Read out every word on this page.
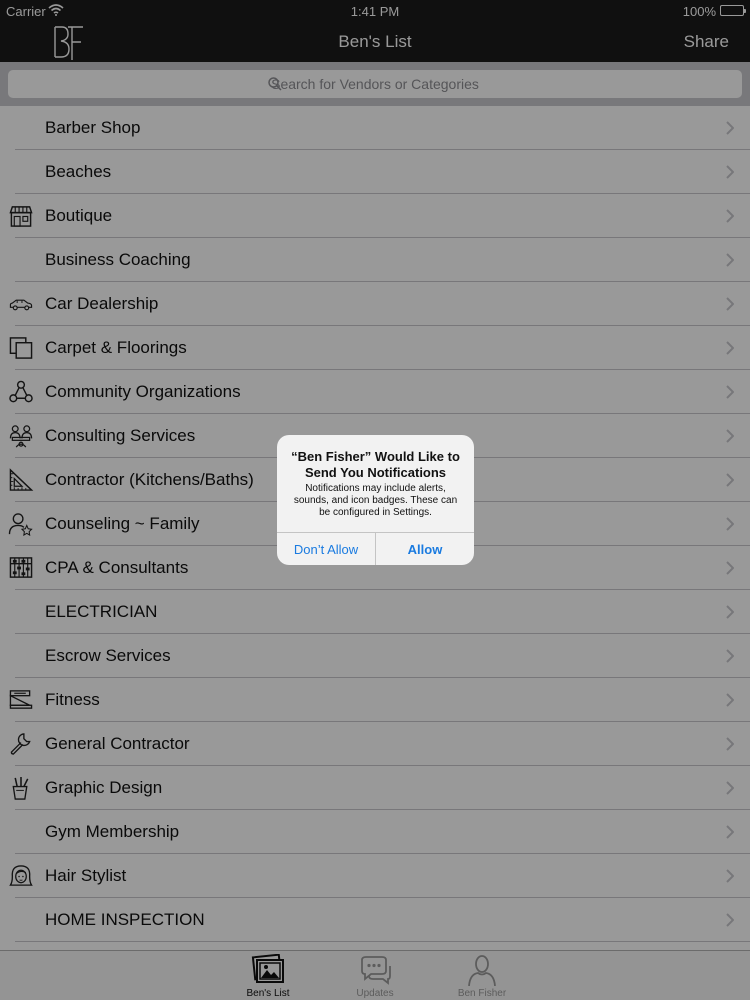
Carrier	1:41 PM	100%
Ben's List	Share
Search for Vendors or Categories
Barber Shop
Beaches
Boutique
Business Coaching
Car Dealership
Carpet & Floorings
Community Organizations
Consulting Services
Contractor (Kitchens/Baths)
Counseling ~ Family
CPA & Consultants
ELECTRICIAN
Escrow Services
Fitness
General Contractor
Graphic Design
Gym Membership
Hair Stylist
HOME INSPECTION
Ben's List	Updates	Ben Fisher
“Ben Fisher” Would Like to Send You Notifications
Notifications may include alerts, sounds, and icon badges. These can be configured in Settings.
Don’t Allow	Allow
